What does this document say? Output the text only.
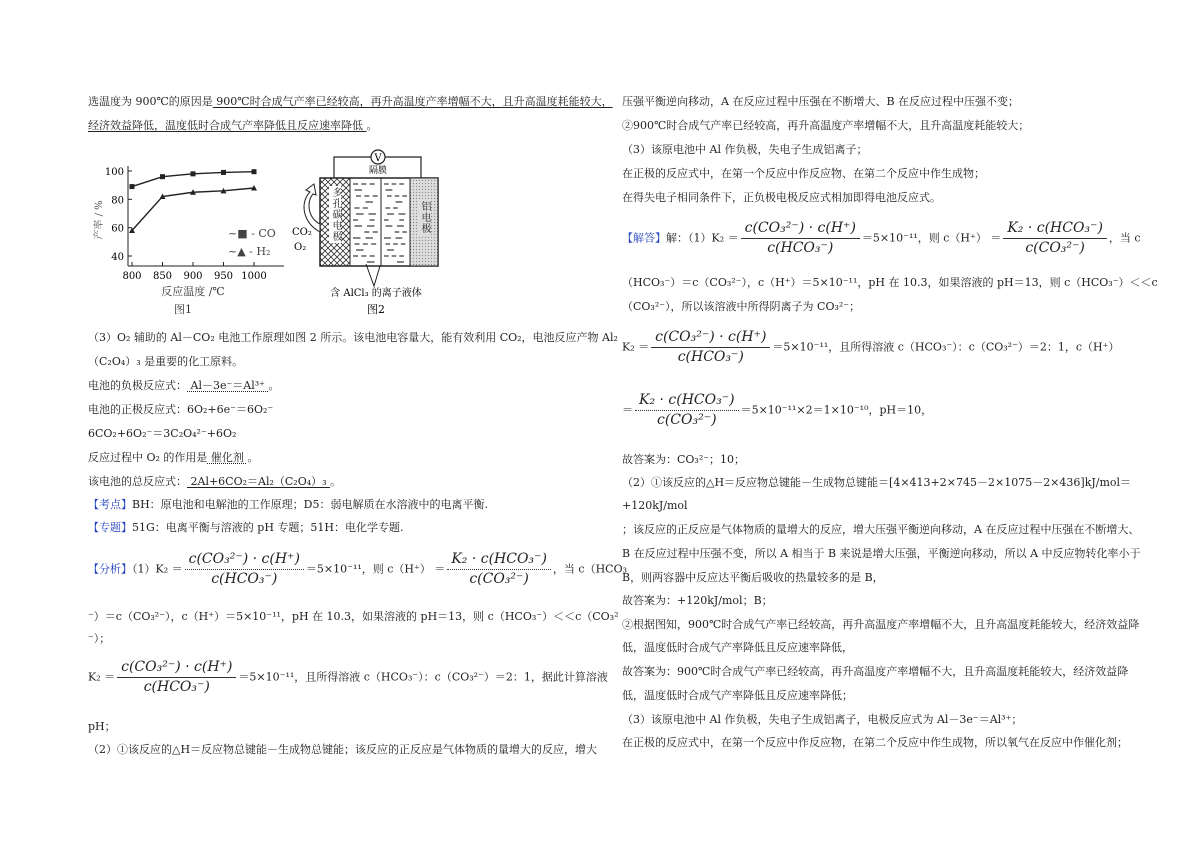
选温度为 900℃的原因是 900℃时合成气产率已经较高，再升高温度产率增幅不大，且升高温度耗能较大，
经济效益降低，温度低时合成气产率降低且反应速率降低 。
40
60
80
100
800 850 900 950 1000
产率 / %
反应温度 /℃
图1
~■ - CO
~▲ - H₂
V
隔膜
CO₂
O₂
含 AlCl₃ 的离子液体
图2
多孔碳电极	铝电极
（3）O₂ 辅助的 Al－CO₂ 电池工作原理如图 2 所示。该电池电容量大，能有效利用 CO₂，电池反应产物 Al₂
（C₂O₄）₃ 是重要的化工原料。
电池的负极反应式： Al－3e⁻＝Al³⁺ 。
电池的正极反应式：6O₂+6e⁻＝6O₂⁻
6CO₂+6O₂⁻＝3C₂O₄²⁻+6O₂
反应过程中 O₂ 的作用是 催化剂 。
该电池的总反应式： 2Al+6CO₂＝Al₂（C₂O₄）₃ 。
【考点】BH：原电池和电解池的工作原理；D5：弱电解质在水溶液中的电离平衡.
【专题】51G：电离平衡与溶液的 pH 专题；51H：电化学专题.
【分析】$(1)K_2 = \frac{\text{c(CO₃²⁻) · c(H⁺)}}{\text{c(HCO₃⁻)}} =5\times 10^{-11}$，则 $c(H^+) = \frac{\text{K₂ · c(HCO₃⁻)}}{\text{c(CO₃²⁻)}}$ ，当 c（HCO₃
⁻）＝c（CO₃²⁻），c（H⁺）＝5×10⁻¹¹，pH 在 10.3，如果溶液的 pH＝13，则 c（HCO₃⁻）＜＜c（CO₃²
⁻）；
$K_2 = \frac{\text{c(CO₃²⁻) · c(H⁺)}}{\text{c(HCO₃⁻)}} =5\times 10^{-11}$，且所得溶液 c（HCO₃⁻）：c（CO₃²⁻）＝2：1，据此计算溶液
pH；
（2）①该反应的△H＝反应物总键能－生成物总键能；该反应的正反应是气体物质的量增大的反应，增大
压强平衡逆向移动，A 在反应过程中压强在不断增大、B 在反应过程中压强不变；
②900℃时合成气产率已经较高，再升高温度产率增幅不大，且升高温度耗能较大；
（3）该原电池中 Al 作负极，失电子生成铝离子；
在正极的反应式中，在第一个反应中作反应物、在第二个反应中作生成物；
在得失电子相同条件下，正负极电极反应式相加即得电池反应式。
【解答】解：$(1)K_2 = \frac{\text{c(CO₃²⁻) · c(H⁺)}}{\text{c(HCO₃⁻)}} =5\times 10^{-11}$，则 $c(H^+) = \frac{\text{K₂ · c(HCO₃⁻)}}{\text{c(CO₃²⁻)}}$ ，当 c
（HCO₃⁻）＝c（CO₃²⁻），c（H⁺）＝5×10⁻¹¹，pH 在 10.3，如果溶液的 pH＝13，则 c（HCO₃⁻）＜＜c
（CO₃²⁻），所以该溶液中所得阴离子为 CO₃²⁻；
$K_2 = \frac{\text{c(CO₃²⁻) · c(H⁺)}}{\text{c(HCO₃⁻)}} =5\times 10^{-11}$，且所得溶液 c（HCO₃⁻）：c（CO₃²⁻）＝2：1，c（H⁺）
＝ $\frac{\text{K₂ · c(HCO₃⁻)}}{\text{c(CO₃²⁻)}} =5\times 10^{-11}\times 2=1\times 10^{-10}$，pH＝10，
故答案为：CO₃²⁻；10；
（2）①该反应的△H＝反应物总键能－生成物总键能＝[4×413+2×745－2×1075－2×436]kJ/mol＝
+120kJ/mol
；该反应的正反应是气体物质的量增大的反应，增大压强平衡逆向移动，A 在反应过程中压强在不断增大、
B 在反应过程中压强不变，所以 A 相当于 B 来说是增大压强，平衡逆向移动，所以 A 中反应物转化率小于
B，则两容器中反应达平衡后吸收的热量较多的是 B，
故答案为：+120kJ/mol；B；
②根据图知，900℃时合成气产率已经较高，再升高温度产率增幅不大，且升高温度耗能较大，经济效益降
低，温度低时合成气产率降低且反应速率降低，
故答案为：900℃时合成气产率已经较高，再升高温度产率增幅不大，且升高温度耗能较大，经济效益降
低，温度低时合成气产率降低且反应速率降低；
（3）该原电池中 Al 作负极，失电子生成铝离子，电极反应式为 Al－3e⁻＝Al³⁺；
在正极的反应式中，在第一个反应中作反应物，在第二个反应中作生成物，所以氧气在反应中作催化剂；
